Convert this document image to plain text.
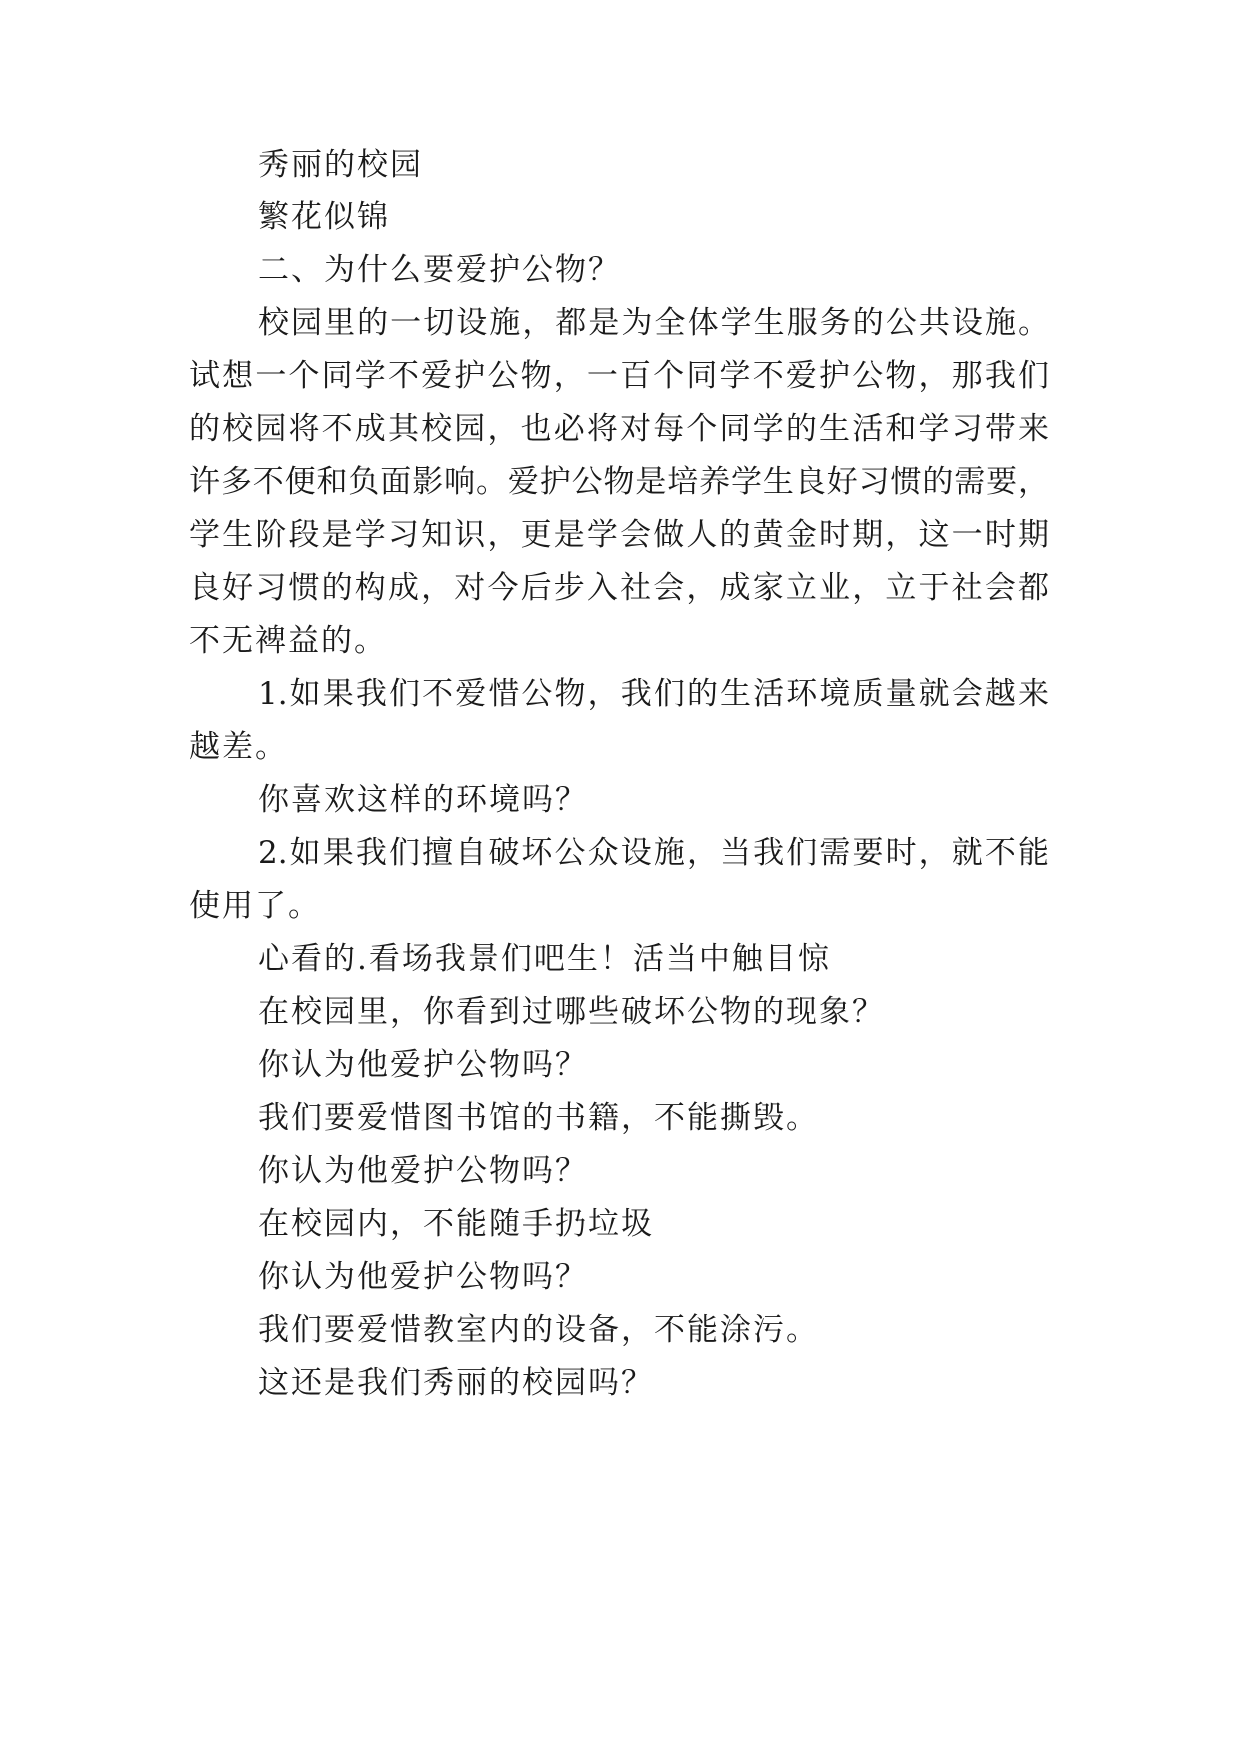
秀丽的校园

繁花似锦

二、为什么要爱护公物？

校园里的一切设施，都是为全体学生服务的公共设施。

试想一个同学不爱护公物，一百个同学不爱护公物，那我们

的校园将不成其校园，也必将对每个同学的生活和学习带来

许多不便和负面影响。爱护公物是培养学生良好习惯的需要，

学生阶段是学习知识，更是学会做人的黄金时期，这一时期

良好习惯的构成，对今后步入社会，成家立业，立于社会都

不无裨益的。

1.如果我们不爱惜公物，我们的生活环境质量就会越来

越差。

你喜欢这样的环境吗？

2.如果我们擅自破坏公众设施，当我们需要时，就不能

使用了。

心看的.看场我景们吧生！活当中触目惊

在校园里，你看到过哪些破坏公物的现象？

你认为他爱护公物吗？

我们要爱惜图书馆的书籍，不能撕毁。

你认为他爱护公物吗？

在校园内，不能随手扔垃圾

你认为他爱护公物吗？

我们要爱惜教室内的设备，不能涂污。

这还是我们秀丽的校园吗？
